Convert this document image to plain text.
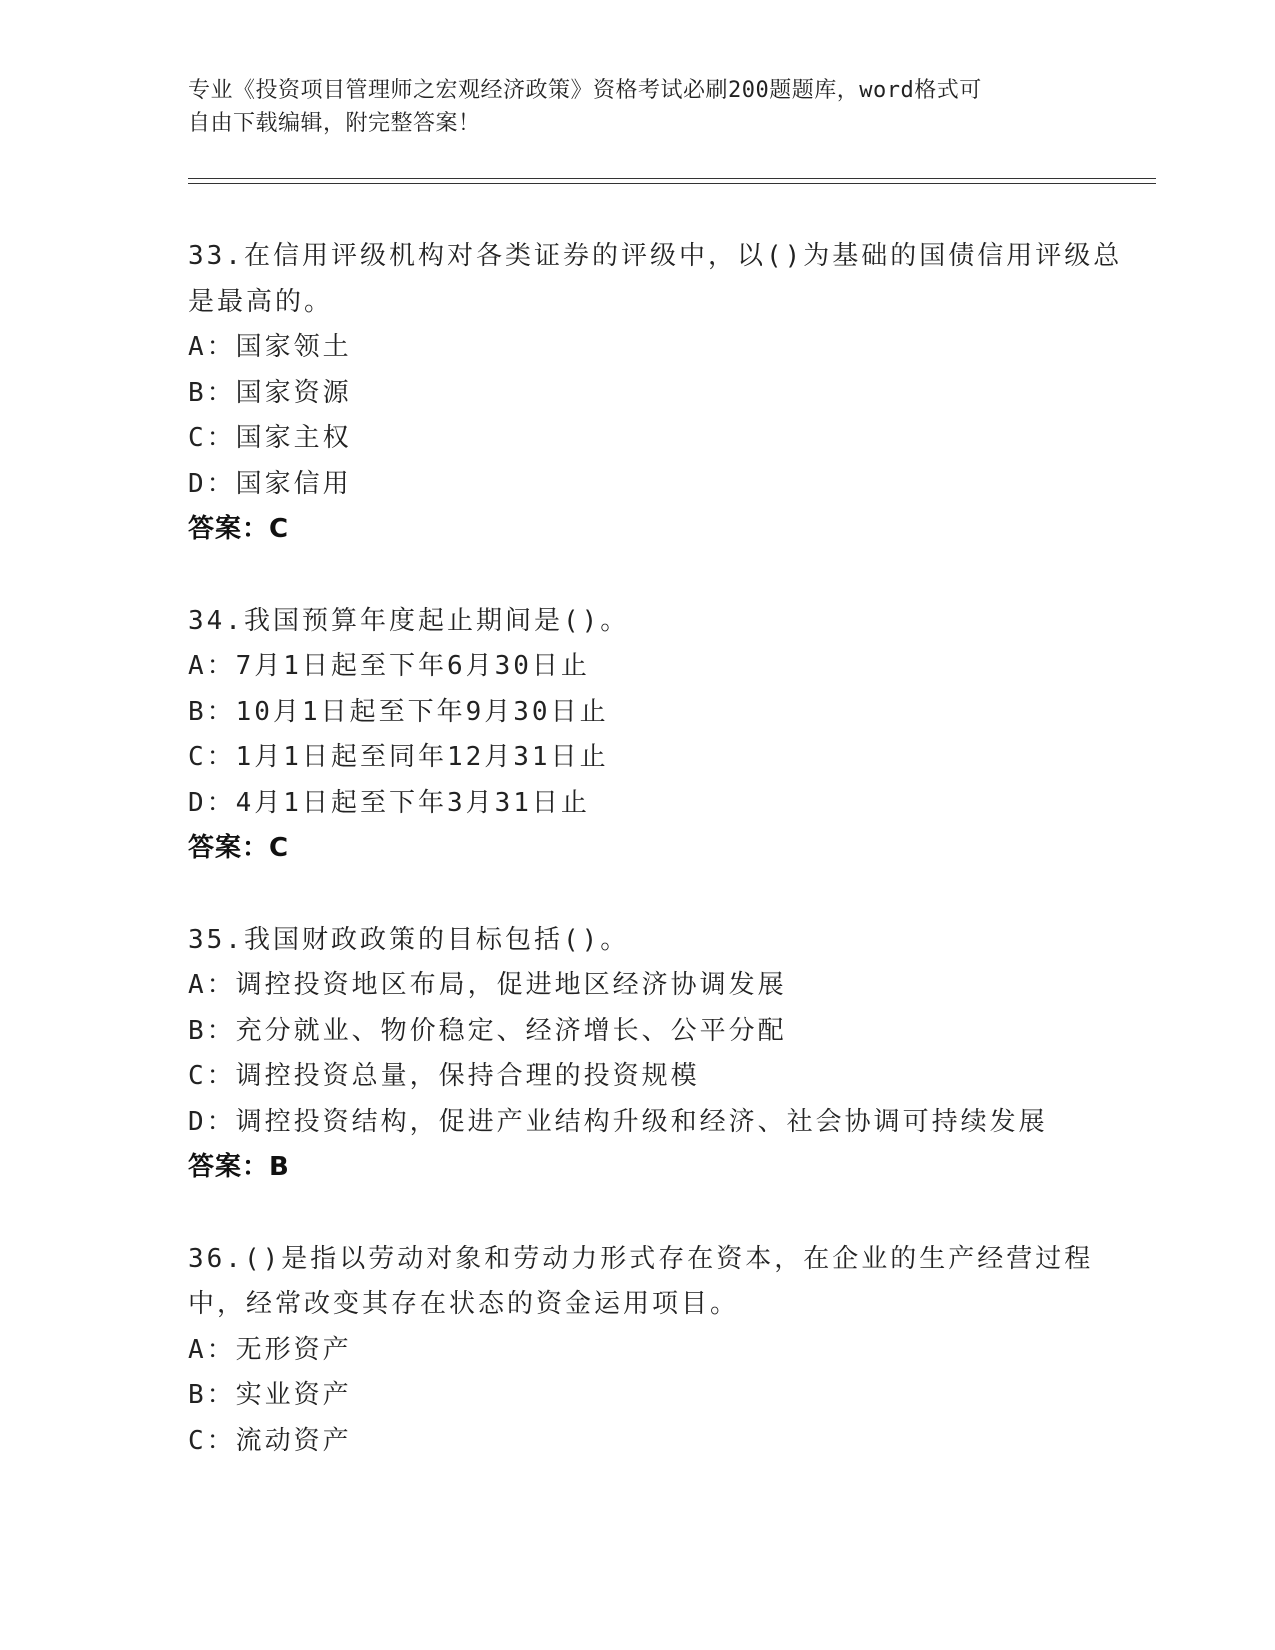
专业《投资项目管理师之宏观经济政策》资格考试必刷200题题库，word格式可
自由下载编辑，附完整答案！
33.在信用评级机构对各类证券的评级中，以()为基础的国债信用评级总是最高的。
A：国家领土
B：国家资源
C：国家主权
D：国家信用
答案：C
34.我国预算年度起止期间是()。
A：7月1日起至下年6月30日止
B：10月1日起至下年9月30日止
C：1月1日起至同年12月31日止
D：4月1日起至下年3月31日止
答案：C
35.我国财政政策的目标包括()。
A：调控投资地区布局，促进地区经济协调发展
B：充分就业、物价稳定、经济增长、公平分配
C：调控投资总量，保持合理的投资规模
D：调控投资结构，促进产业结构升级和经济、社会协调可持续发展
答案：B
36.()是指以劳动对象和劳动力形式存在资本，在企业的生产经营过程中，经常改变其存在状态的资金运用项目。
A：无形资产
B：实业资产
C：流动资产
